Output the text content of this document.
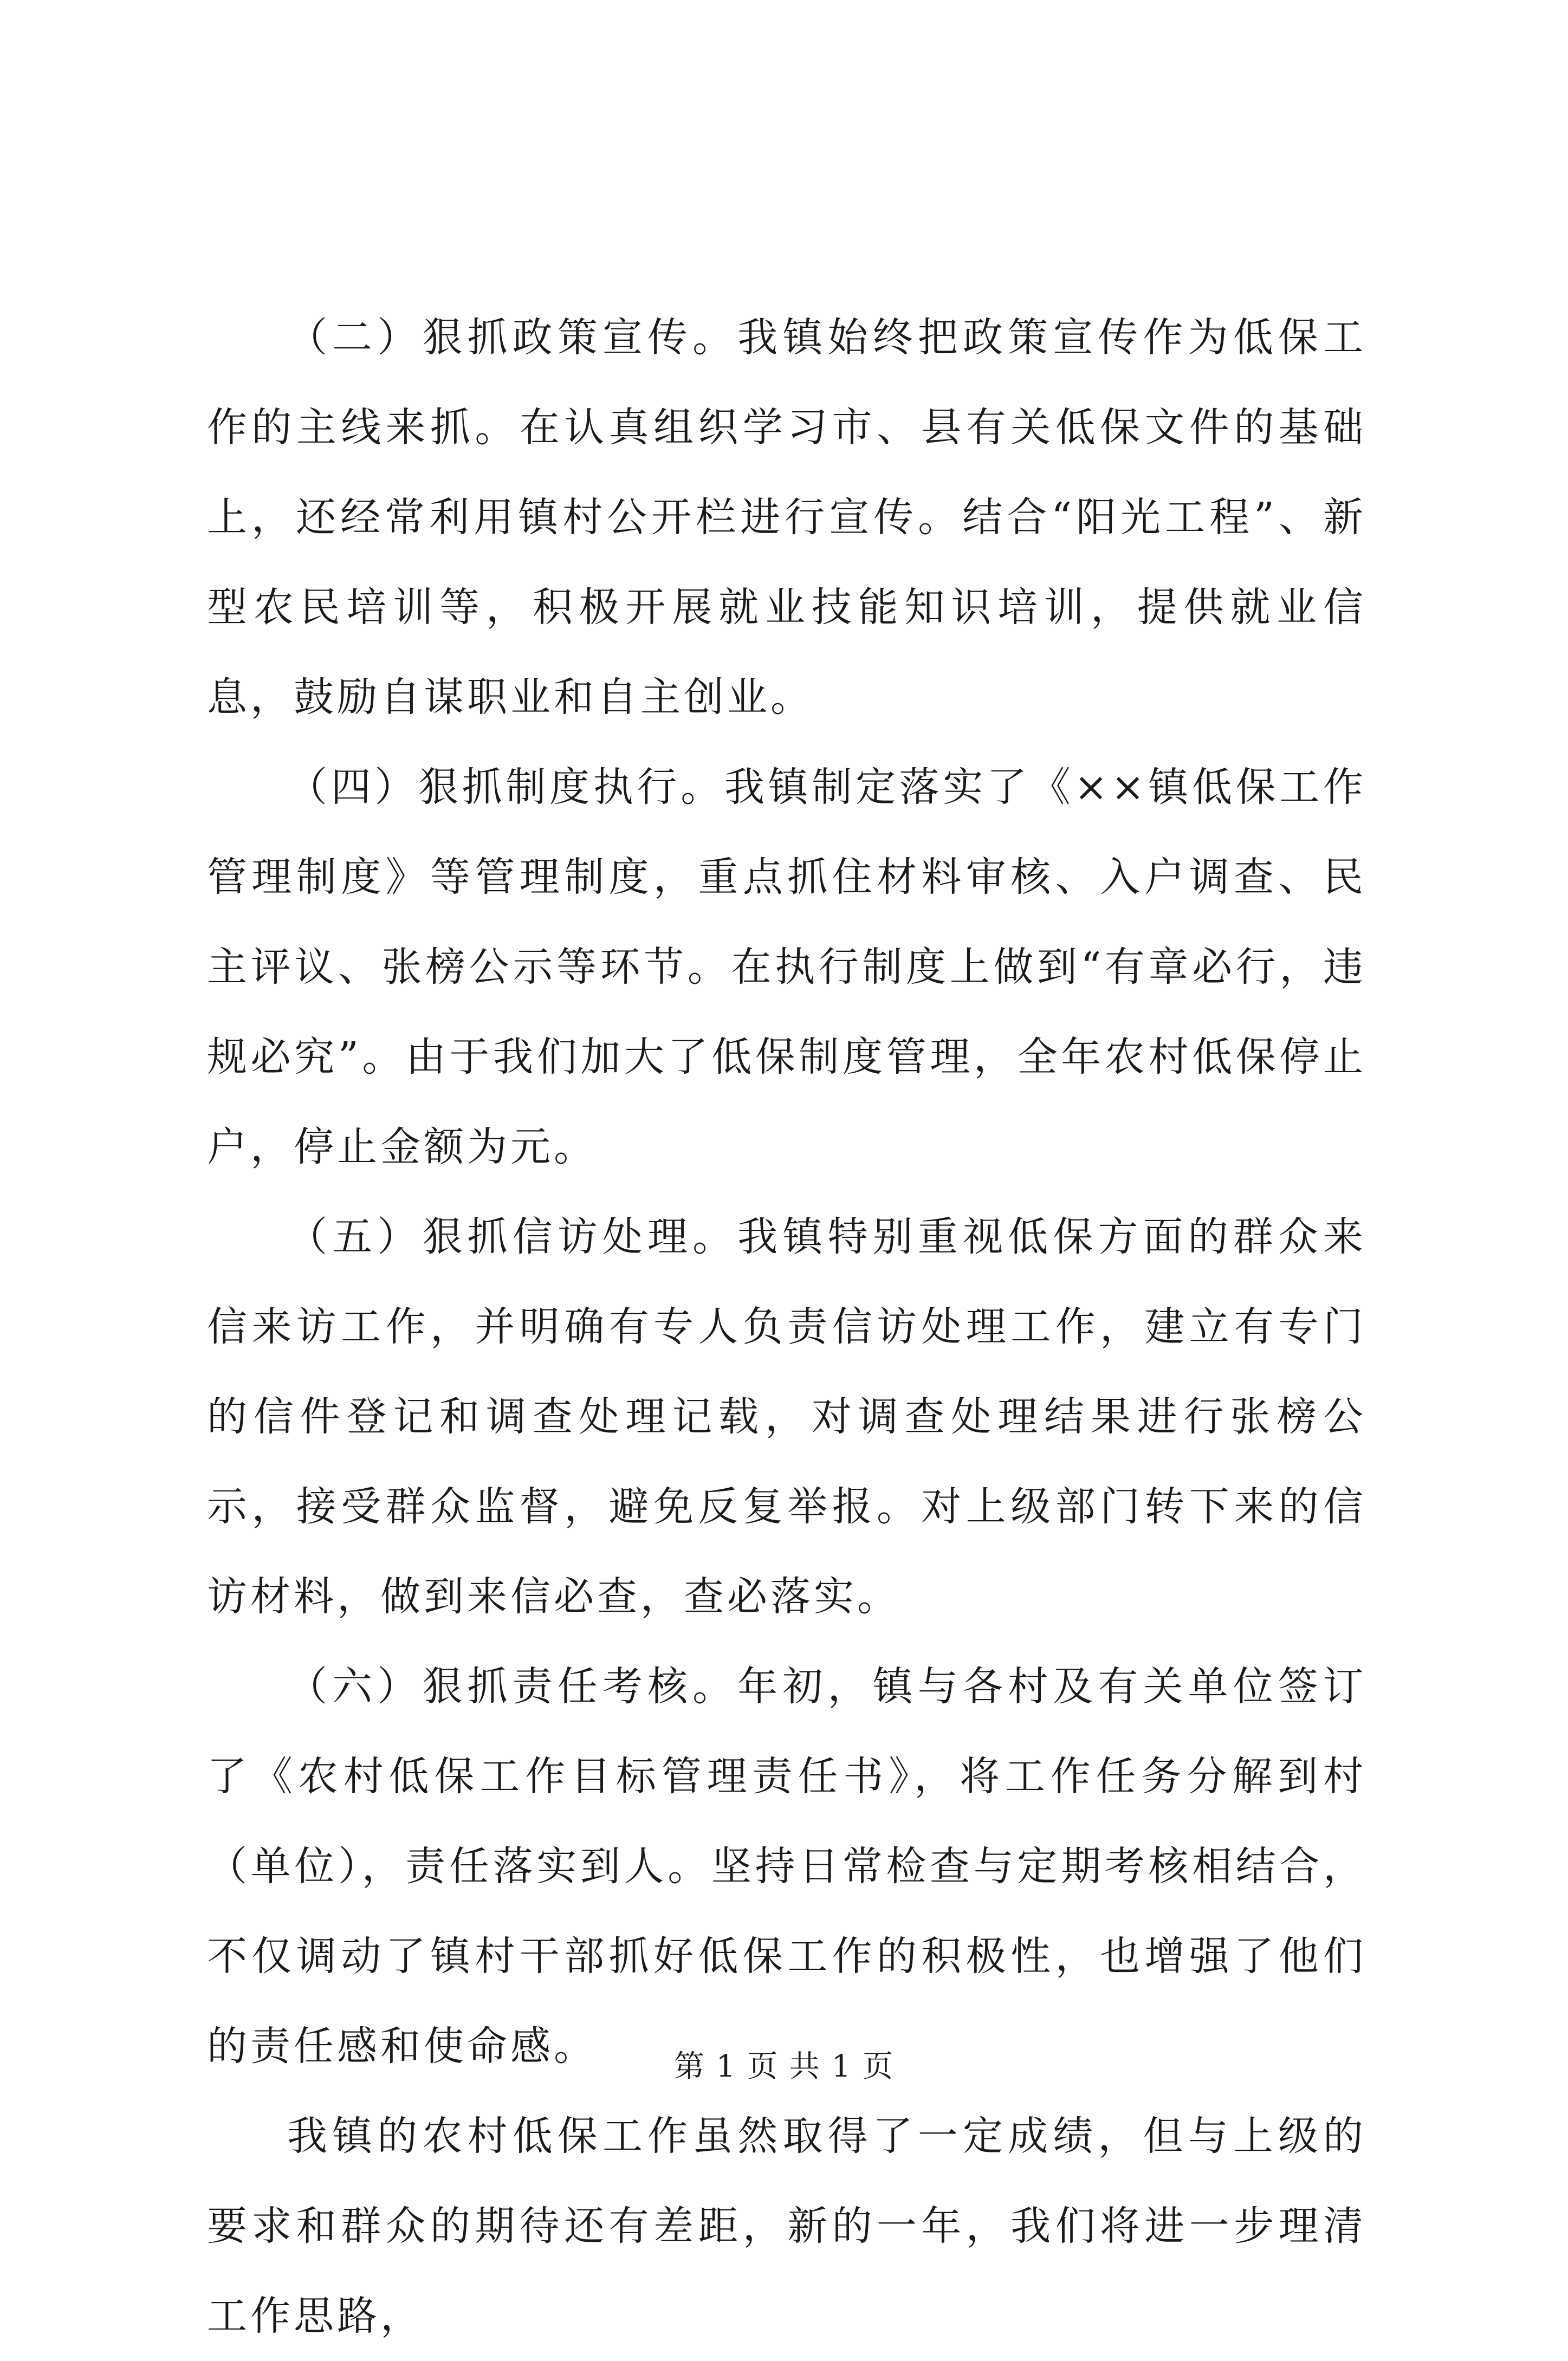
（二）狠抓政策宣传。我镇始终把政策宣传作为低保工作的主线来抓。在认真组织学习市、县有关低保文件的基础上，还经常利用镇村公开栏进行宣传。结合“阳光工程”、新型农民培训等，积极开展就业技能知识培训，提供就业信息，鼓励自谋职业和自主创业。

（四）狠抓制度执行。我镇制定落实了《××镇低保工作管理制度》等管理制度，重点抓住材料审核、入户调查、民主评议、张榜公示等环节。在执行制度上做到“有章必行，违规必究”。由于我们加大了低保制度管理，全年农村低保停止户，停止金额为元。

（五）狠抓信访处理。我镇特别重视低保方面的群众来信来访工作，并明确有专人负责信访处理工作，建立有专门的信件登记和调查处理记载，对调查处理结果进行张榜公示，接受群众监督，避免反复举报。对上级部门转下来的信访材料，做到来信必查，查必落实。

（六）狠抓责任考核。年初，镇与各村及有关单位签订了《农村低保工作目标管理责任书》，将工作任务分解到村（单位），责任落实到人。坚持日常检查与定期考核相结合，不仅调动了镇村干部抓好低保工作的积极性，也增强了他们的责任感和使命感。

我镇的农村低保工作虽然取得了一定成绩，但与上级的要求和群众的期待还有差距，新的一年，我们将进一步理清工作思路，

第 1 页 共 1 页
